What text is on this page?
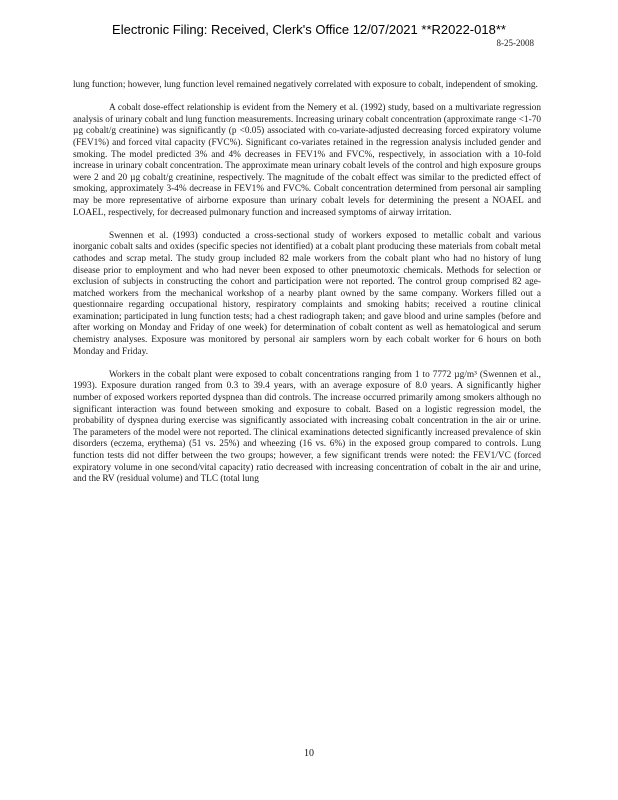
Electronic Filing: Received, Clerk's Office 12/07/2021 **R2022-018**
8-25-2008

lung function; however, lung function level remained negatively correlated with exposure to cobalt, independent of smoking.

A cobalt dose-effect relationship is evident from the Nemery et al. (1992) study, based on a multivariate regression analysis of urinary cobalt and lung function measurements. Increasing urinary cobalt concentration (approximate range <1-70 µg cobalt/g creatinine) was significantly (p <0.05) associated with co-variate-adjusted decreasing forced expiratory volume (FEV1%) and forced vital capacity (FVC%). Significant co-variates retained in the regression analysis included gender and smoking. The model predicted 3% and 4% decreases in FEV1% and FVC%, respectively, in association with a 10-fold increase in urinary cobalt concentration. The approximate mean urinary cobalt levels of the control and high exposure groups were 2 and 20 µg cobalt/g creatinine, respectively. The magnitude of the cobalt effect was similar to the predicted effect of smoking, approximately 3-4% decrease in FEV1% and FVC%. Cobalt concentration determined from personal air sampling may be more representative of airborne exposure than urinary cobalt levels for determining the present a NOAEL and LOAEL, respectively, for decreased pulmonary function and increased symptoms of airway irritation.

Swennen et al. (1993) conducted a cross-sectional study of workers exposed to metallic cobalt and various inorganic cobalt salts and oxides (specific species not identified) at a cobalt plant producing these materials from cobalt metal cathodes and scrap metal. The study group included 82 male workers from the cobalt plant who had no history of lung disease prior to employment and who had never been exposed to other pneumotoxic chemicals. Methods for selection or exclusion of subjects in constructing the cohort and participation were not reported. The control group comprised 82 age-matched workers from the mechanical workshop of a nearby plant owned by the same company. Workers filled out a questionnaire regarding occupational history, respiratory complaints and smoking habits; received a routine clinical examination; participated in lung function tests; had a chest radiograph taken; and gave blood and urine samples (before and after working on Monday and Friday of one week) for determination of cobalt content as well as hematological and serum chemistry analyses. Exposure was monitored by personal air samplers worn by each cobalt worker for 6 hours on both Monday and Friday.

Workers in the cobalt plant were exposed to cobalt concentrations ranging from 1 to 7772 µg/m³ (Swennen et al., 1993). Exposure duration ranged from 0.3 to 39.4 years, with an average exposure of 8.0 years. A significantly higher number of exposed workers reported dyspnea than did controls. The increase occurred primarily among smokers although no significant interaction was found between smoking and exposure to cobalt. Based on a logistic regression model, the probability of dyspnea during exercise was significantly associated with increasing cobalt concentration in the air or urine. The parameters of the model were not reported. The clinical examinations detected significantly increased prevalence of skin disorders (eczema, erythema) (51 vs. 25%) and wheezing (16 vs. 6%) in the exposed group compared to controls. Lung function tests did not differ between the two groups; however, a few significant trends were noted: the FEV1/VC (forced expiratory volume in one second/vital capacity) ratio decreased with increasing concentration of cobalt in the air and urine, and the RV (residual volume) and TLC (total lung

10
